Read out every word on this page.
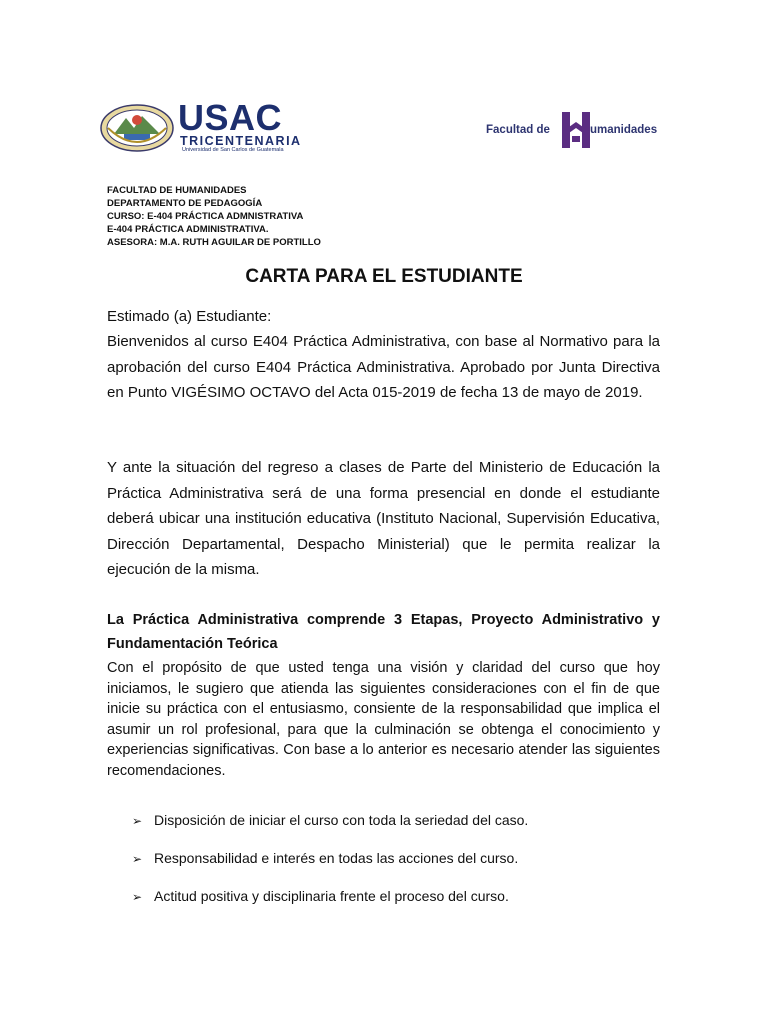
USAC
TRICENTENARIA
Universidad de San Carlos de Guatemala
Facultad de	umanidades
FACULTAD DE HUMANIDADES
DEPARTAMENTO DE PEDAGOGÍA
CURSO: E-404 PRÁCTICA ADMNISTRATIVA
E-404 PRÁCTICA ADMINISTRATIVA.
ASESORA: M.A. RUTH AGUILAR DE PORTILLO
CARTA PARA EL ESTUDIANTE
Estimado (a) Estudiante:
Bienvenidos al curso E404 Práctica Administrativa, con base al Normativo para la aprobación del curso E404 Práctica Administrativa. Aprobado por Junta Directiva en Punto VIGÉSIMO OCTAVO del Acta 015-2019 de fecha 13 de mayo de 2019.
Y ante la situación del regreso a clases de Parte del Ministerio de Educación la Práctica Administrativa será de una forma presencial en donde el estudiante deberá ubicar una institución educativa (Instituto Nacional, Supervisión Educativa, Dirección Departamental, Despacho Ministerial) que le permita realizar la ejecución de la misma.
La Práctica Administrativa comprende 3 Etapas, Proyecto Administrativo y Fundamentación Teórica
Con el propósito de que usted tenga una visión y claridad del curso que hoy iniciamos, le sugiero que atienda las siguientes consideraciones con el fin de que inicie su práctica con el entusiasmo, consiente de la responsabilidad que implica el asumir un rol profesional, para que la culminación se obtenga el conocimiento y experiencias significativas. Con base a lo anterior es necesario atender las siguientes recomendaciones.
➢ Disposición de iniciar el curso con toda la seriedad del caso.
➢ Responsabilidad e interés en todas las acciones del curso.
➢ Actitud positiva y disciplinaria frente el proceso del curso.
